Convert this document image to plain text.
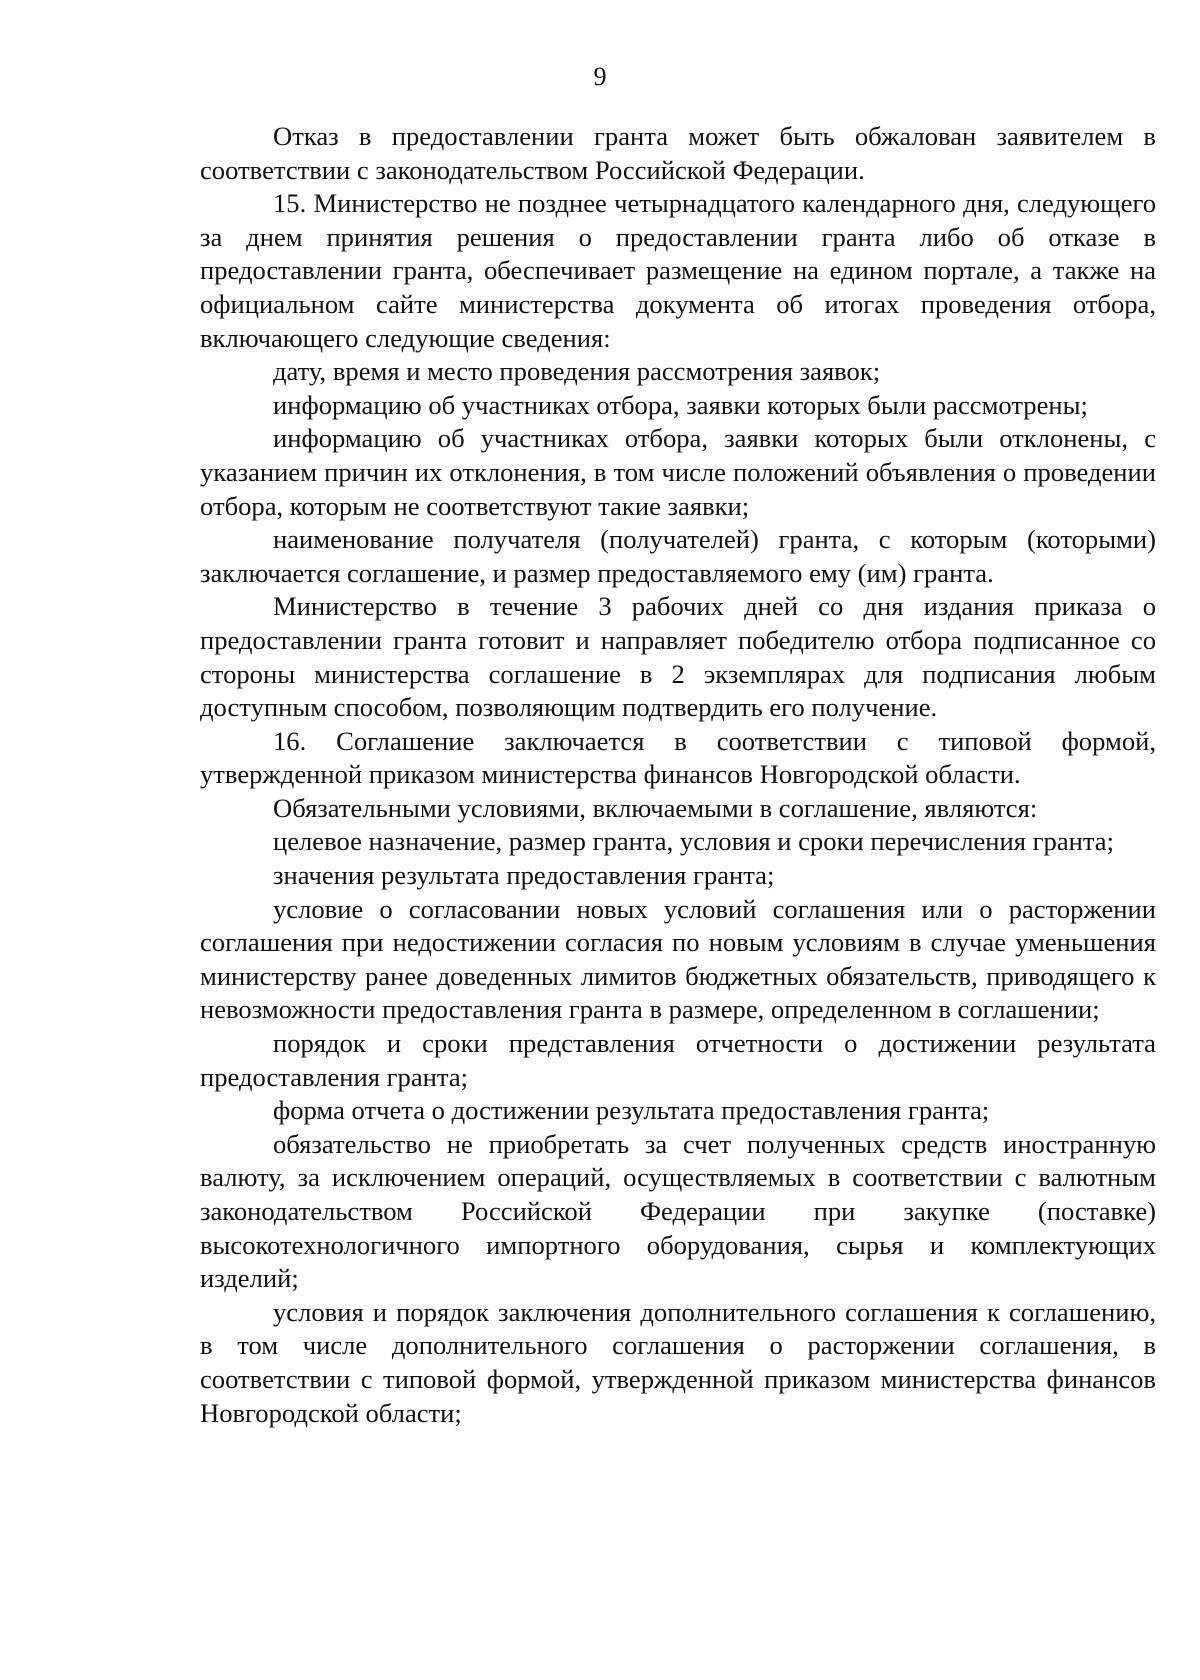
9

Отказ в предоставлении гранта может быть обжалован заявителем в соответствии с законодательством Российской Федерации.

15. Министерство не позднее четырнадцатого календарного дня, следующего за днем принятия решения о предоставлении гранта либо об отказе в предоставлении гранта, обеспечивает размещение на едином портале, а также на официальном сайте министерства документа об итогах проведения отбора, включающего следующие сведения:

дату, время и место проведения рассмотрения заявок;

информацию об участниках отбора, заявки которых были рассмотрены;

информацию об участниках отбора, заявки которых были отклонены, с указанием причин их отклонения, в том числе положений объявления о проведении отбора, которым не соответствуют такие заявки;

наименование получателя (получателей) гранта, с которым (которыми) заключается соглашение, и размер предоставляемого ему (им) гранта.

Министерство в течение 3 рабочих дней со дня издания приказа о предоставлении гранта готовит и направляет победителю отбора подписанное со стороны министерства соглашение в 2 экземплярах для подписания любым доступным способом, позволяющим подтвердить его получение.

16. Соглашение заключается в соответствии с типовой формой, утвержденной приказом министерства финансов Новгородской области.

Обязательными условиями, включаемыми в соглашение, являются:

целевое назначение, размер гранта, условия и сроки перечисления гранта;

значения результата предоставления гранта;

условие о согласовании новых условий соглашения или о расторжении соглашения при недостижении согласия по новым условиям в случае уменьшения министерству ранее доведенных лимитов бюджетных обязательств, приводящего к невозможности предоставления гранта в размере, определенном в соглашении;

порядок и сроки представления отчетности о достижении результата предоставления гранта;

форма отчета о достижении результата предоставления гранта;

обязательство не приобретать за счет полученных средств иностранную валюту, за исключением операций, осуществляемых в соответствии с валютным законодательством Российской Федерации при закупке (поставке) высокотехнологичного импортного оборудования, сырья и комплектующих изделий;

условия и порядок заключения дополнительного соглашения к соглашению, в том числе дополнительного соглашения о расторжении соглашения, в соответствии с типовой формой, утвержденной приказом министерства финансов Новгородской области;
